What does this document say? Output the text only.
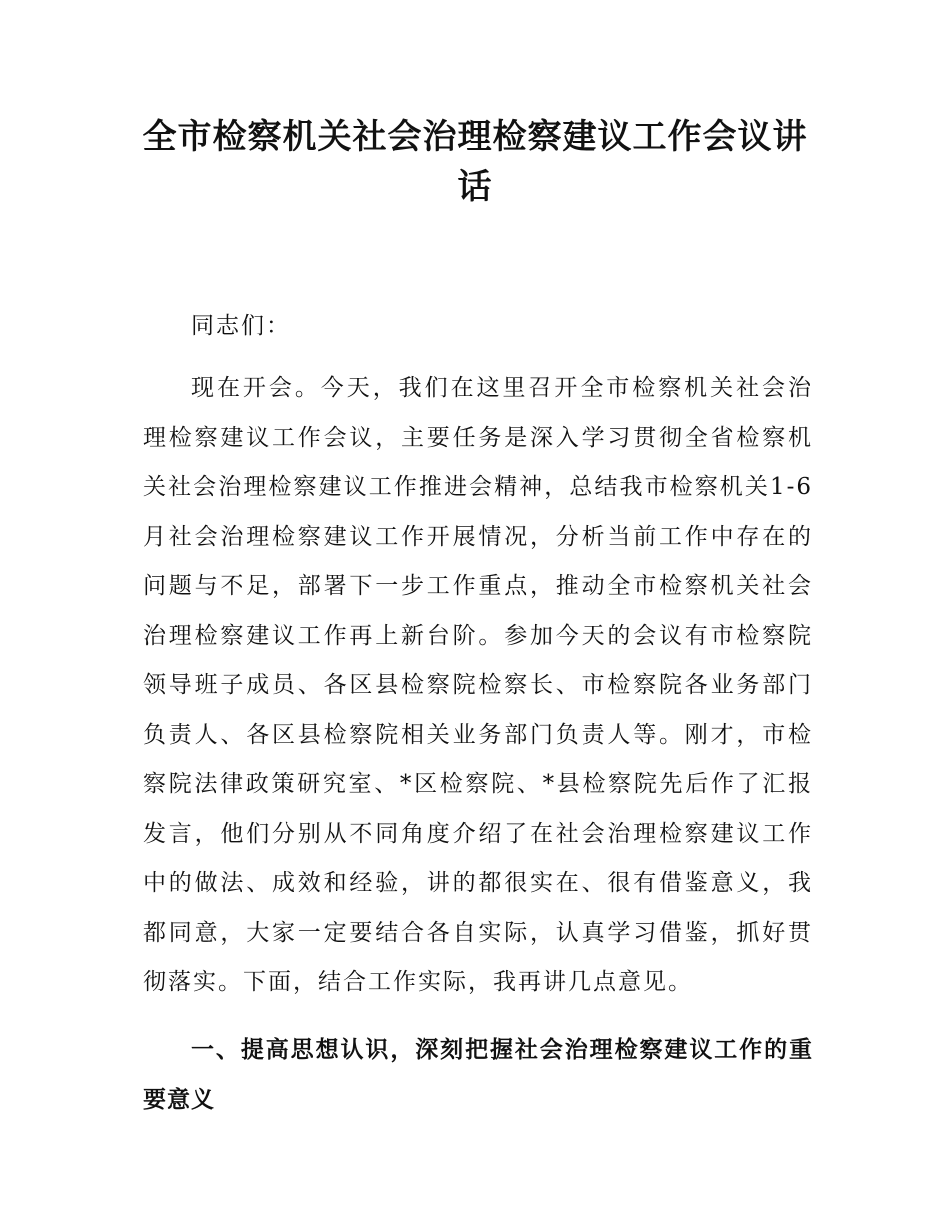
全市检察机关社会治理检察建议工作会议讲话

同志们：

现在开会。今天，我们在这里召开全市检察机关社会治理检察建议工作会议，主要任务是深入学习贯彻全省检察机关社会治理检察建议工作推进会精神，总结我市检察机关1-6月社会治理检察建议工作开展情况，分析当前工作中存在的问题与不足，部署下一步工作重点，推动全市检察机关社会治理检察建议工作再上新台阶。参加今天的会议有市检察院领导班子成员、各区县检察院检察长、市检察院各业务部门负责人、各区县检察院相关业务部门负责人等。刚才，市检察院法律政策研究室、*区检察院、*县检察院先后作了汇报发言，他们分别从不同角度介绍了在社会治理检察建议工作中的做法、成效和经验，讲的都很实在、很有借鉴意义，我都同意，大家一定要结合各自实际，认真学习借鉴，抓好贯彻落实。下面，结合工作实际，我再讲几点意见。

一、提高思想认识，深刻把握社会治理检察建议工作的重要意义
